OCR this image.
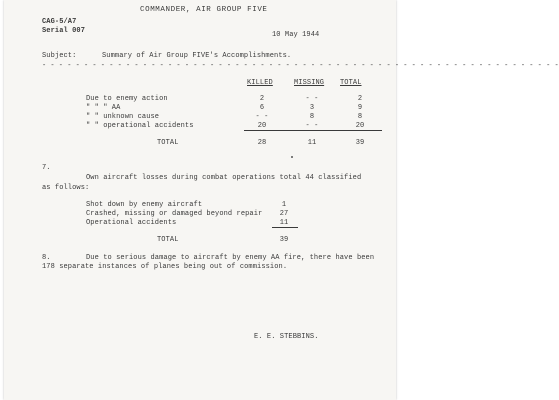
COMMANDER, AIR GROUP FIVE
CAG-5/A7
Serial 007	10 May 1944
Subject:	Summary of Air Group FIVE's Accomplishments.
- - - - - - - - - - - - - - - - - - - - - - - - - - - - - - - - - - - - - - - - - - - - - - - - - - - - - - - - - - - - - -
KILLED	MISSING TOTAL
Due to enemy action	2	- -	2
" " " AA	6	3	9
" " unknown cause	- -	8	8
" " operational accidents	20	- -	20
TOTAL	28	11	39
7.
Own aircraft losses during combat operations total 44 classified
as follows:
Shot down by enemy aircraft	1
Crashed, missing or damaged beyond repair	27
Operational accidents	11
TOTAL	39
8.	Due to serious damage to aircraft by enemy AA fire, there have been
178 separate instances of planes being out of commission.
E. E. STEBBINS.
